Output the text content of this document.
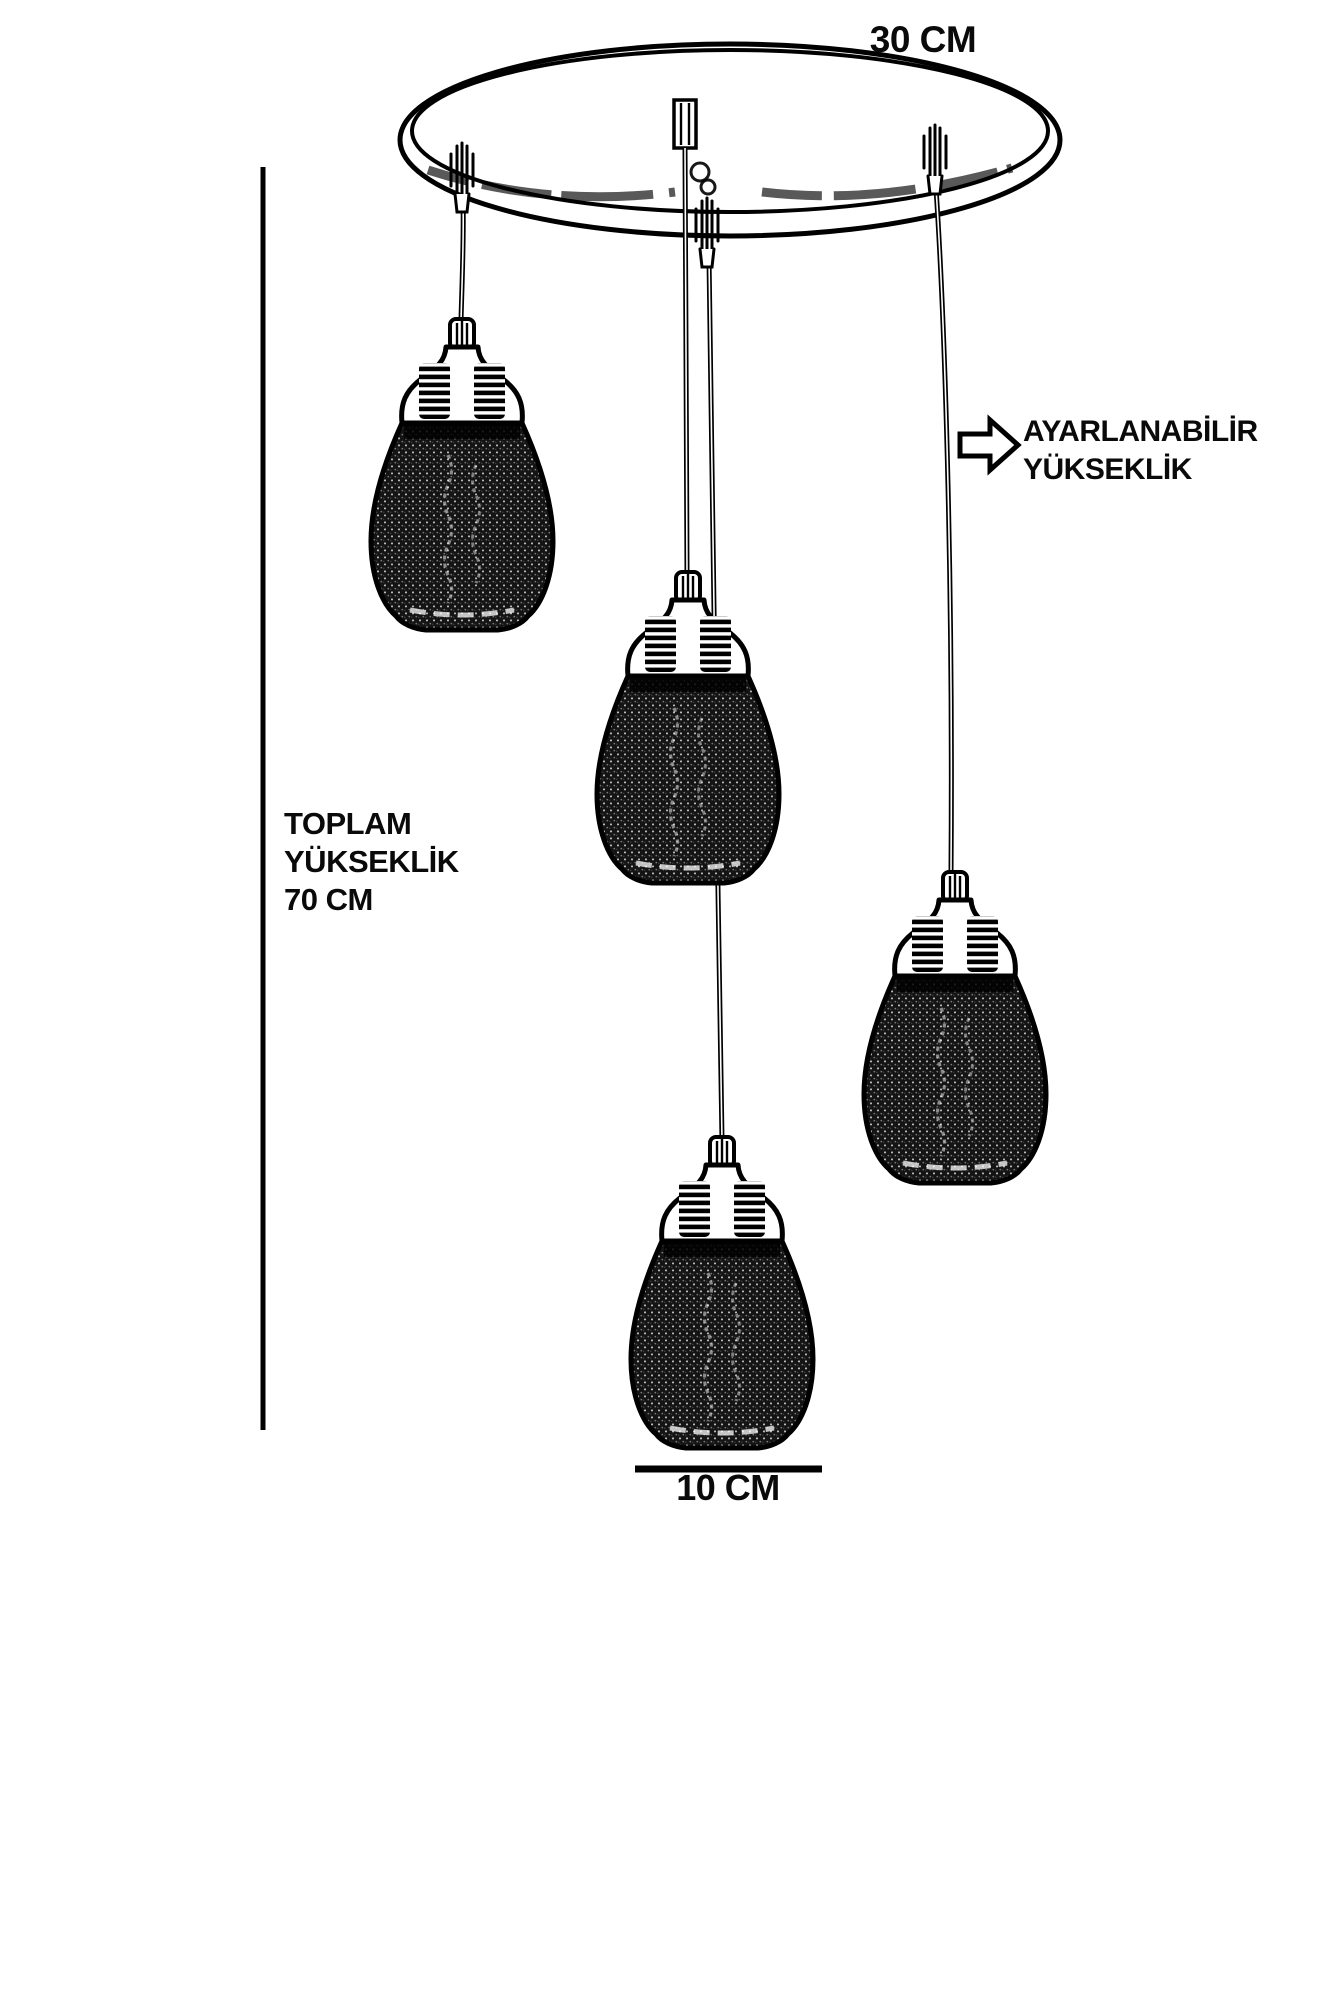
30 CM
TOPLAM
YÜKSEKLİK
70 CM
AYARLANABİLİR
YÜKSEKLİK
10 CM
